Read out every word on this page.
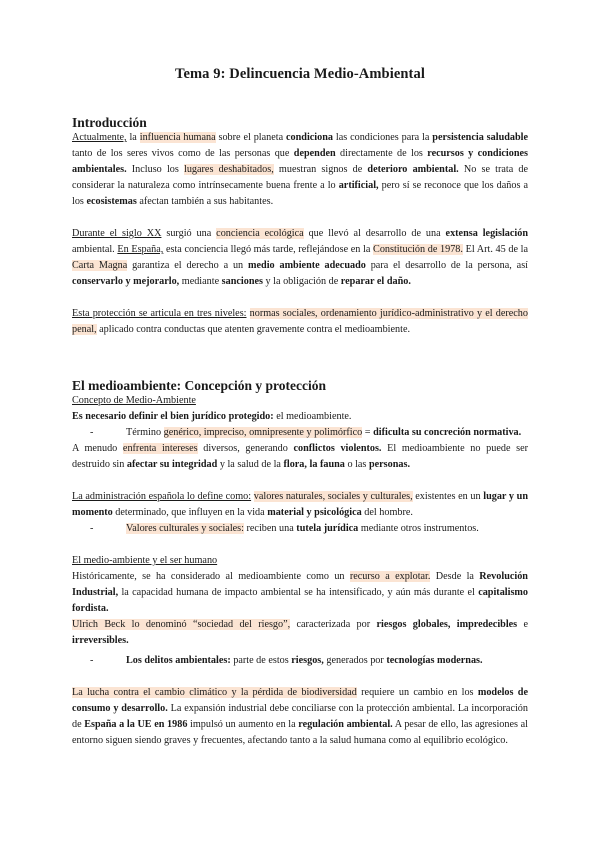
Tema 9: Delincuencia Medio-Ambiental
Introducción

Actualmente, la influencia humana sobre el planeta condiciona las condiciones para la persistencia saludable tanto de los seres vivos como de las personas que dependen directamente de los recursos y condiciones ambientales. Incluso los lugares deshabitados, muestran signos de deterioro ambiental. No se trata de considerar la naturaleza como intrínsecamente buena frente a lo artificial, pero sí se reconoce que los daños a los ecosistemas afectan también a sus habitantes.

Durante el siglo XX surgió una conciencia ecológica que llevó al desarrollo de una extensa legislación ambiental. En España, esta conciencia llegó más tarde, reflejándose en la Constitución de 1978. El Art. 45 de la Carta Magna garantiza el derecho a un medio ambiente adecuado para el desarrollo de la persona, así conservarlo y mejorarlo, mediante sanciones y la obligación de reparar el daño.

Esta protección se articula en tres niveles: normas sociales, ordenamiento jurídico-administrativo y el derecho penal, aplicado contra conductas que atenten gravemente contra el medioambiente.

El medioambiente: Concepción y protección

Concepto de Medio-Ambiente

Es necesario definir el bien jurídico protegido: el medioambiente.

-	Término genérico, impreciso, omnipresente y polimórfico = dificulta su concreción normativa.

A menudo enfrenta intereses diversos, generando conflictos violentos. El medioambiente no puede ser destruido sin afectar su integridad y la salud de la flora, la fauna o las personas.

La administración española lo define como: valores naturales, sociales y culturales, existentes en un lugar y un momento determinado, que influyen en la vida material y psicológica del hombre.

-	Valores culturales y sociales: reciben una tutela jurídica mediante otros instrumentos.

El medio-ambiente y el ser humano

Históricamente, se ha considerado al medioambiente como un recurso a explotar. Desde la Revolución Industrial, la capacidad humana de impacto ambiental se ha intensificado, y aún más durante el capitalismo fordista.

Ulrich Beck lo denominó “sociedad del riesgo”, caracterizada por riesgos globales, impredecibles e irreversibles.

-	Los delitos ambientales: parte de estos riesgos, generados por tecnologías modernas.

La lucha contra el cambio climático y la pérdida de biodiversidad requiere un cambio en los modelos de consumo y desarrollo. La expansión industrial debe conciliarse con la protección ambiental. La incorporación de España a la UE en 1986 impulsó un aumento en la regulación ambiental. A pesar de ello, las agresiones al entorno siguen siendo graves y frecuentes, afectando tanto a la salud humana como al equilibrio ecológico.
